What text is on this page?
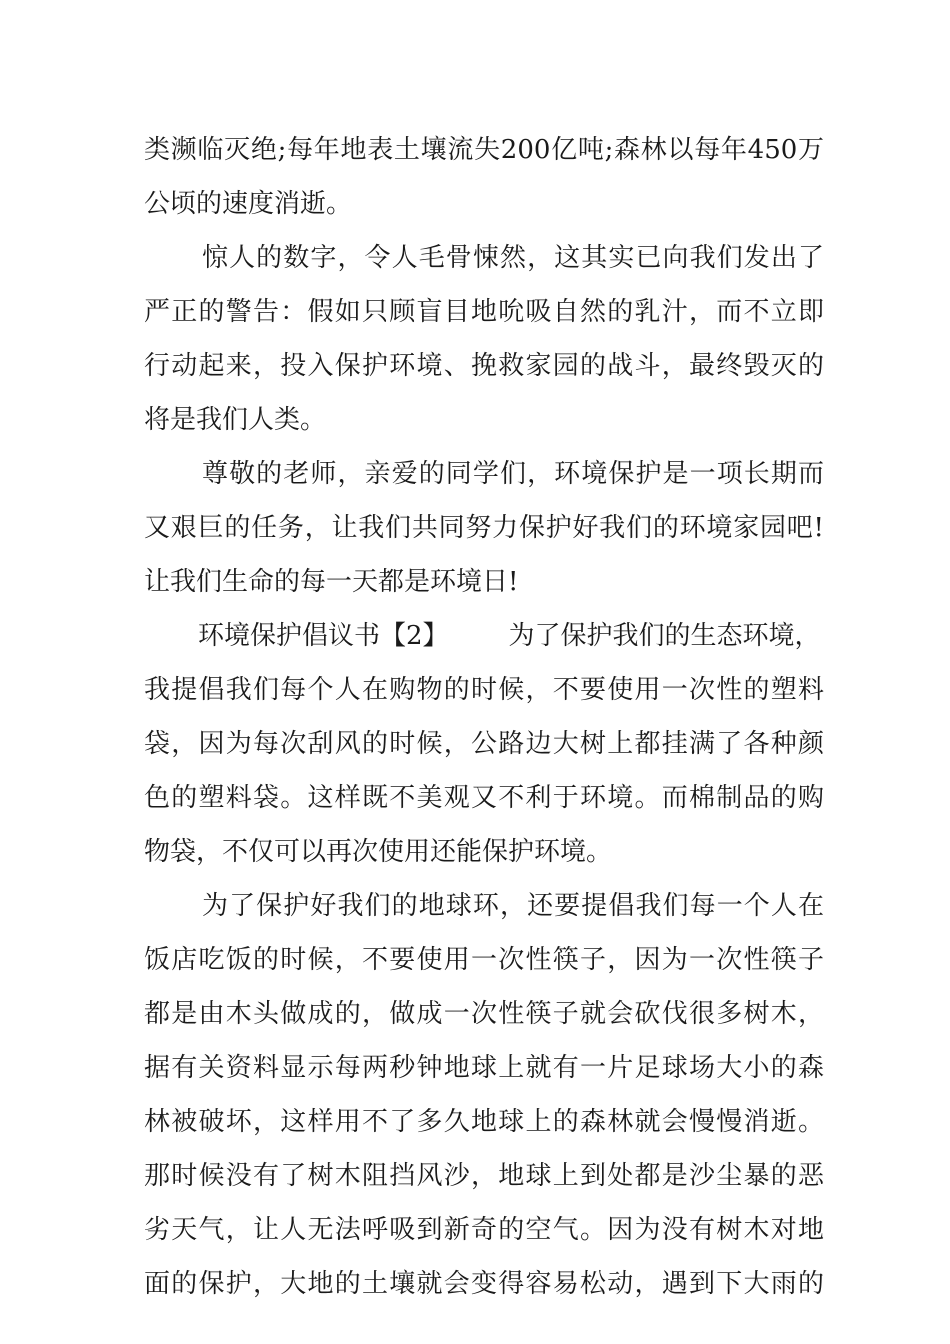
类濒临灭绝;每年地表土壤流失200亿吨;森林以每年450万
公顷的速度消逝。
惊人的数字，令人毛骨悚然，这其实已向我们发出了
严正的警告：假如只顾盲目地吮吸自然的乳汁，而不立即
行动起来，投入保护环境、挽救家园的战斗，最终毁灭的
将是我们人类。
尊敬的老师，亲爱的同学们，环境保护是一项长期而
又艰巨的任务，让我们共同努力保护好我们的环境家园吧!
让我们生命的每一天都是环境日!
环境保护倡议书【2】 为了保护我们的生态环境，
我提倡我们每个人在购物的时候，不要使用一次性的塑料
袋，因为每次刮风的时候，公路边大树上都挂满了各种颜
色的塑料袋。这样既不美观又不利于环境。而棉制品的购
物袋，不仅可以再次使用还能保护环境。
为了保护好我们的地球环，还要提倡我们每一个人在
饭店吃饭的时候，不要使用一次性筷子，因为一次性筷子
都是由木头做成的，做成一次性筷子就会砍伐很多树木，
据有关资料显示每两秒钟地球上就有一片足球场大小的森
林被破坏，这样用不了多久地球上的森林就会慢慢消逝。
那时候没有了树木阻挡风沙，地球上到处都是沙尘暴的恶
劣天气，让人无法呼吸到新奇的空气。因为没有树木对地
面的保护，大地的土壤就会变得容易松动，遇到下大雨的
